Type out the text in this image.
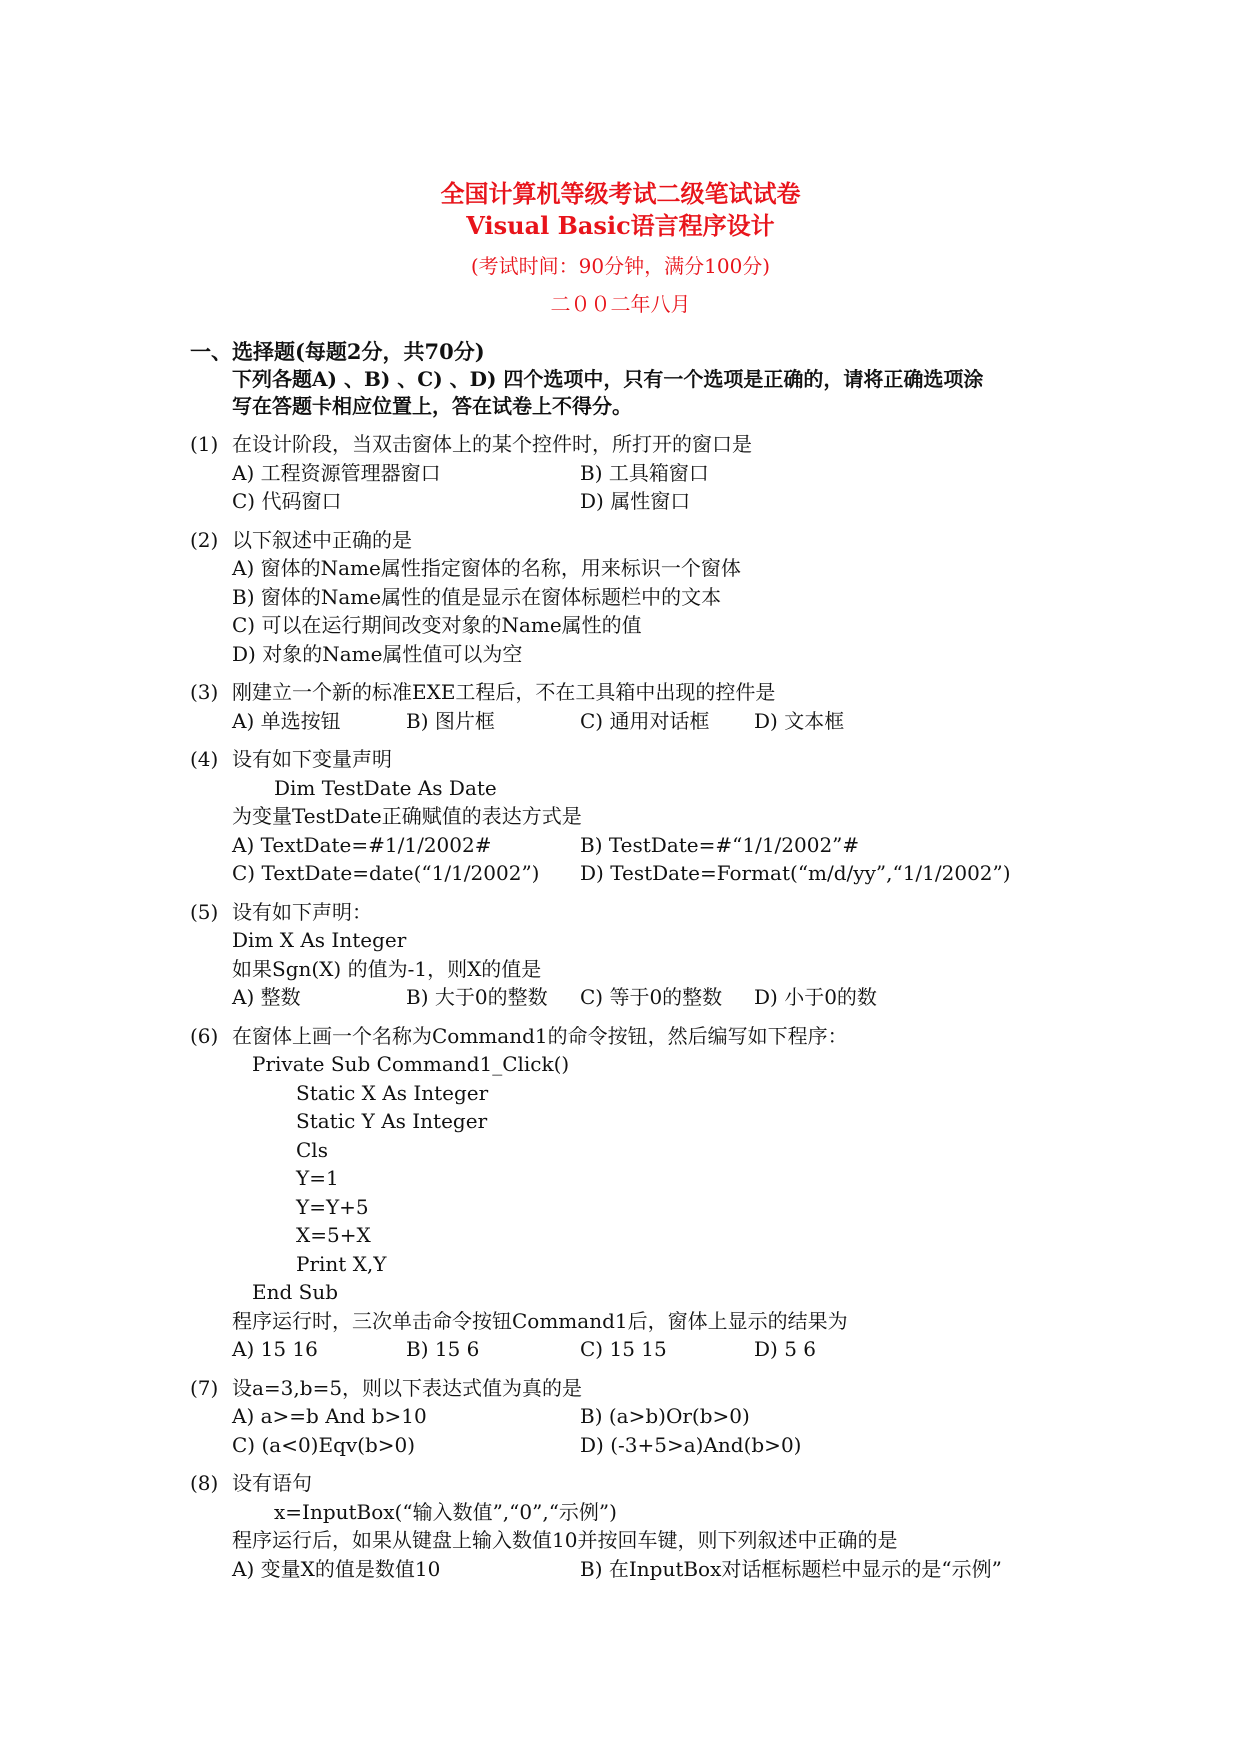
全国计算机等级考试二级笔试试卷
Visual Basic语言程序设计
(考试时间：90分钟，满分100分)
二００二年八月
一、选择题(每题2分，共70分)
下列各题A) 、B) 、C) 、D) 四个选项中，只有一个选项是正确的，请将正确选项涂
写在答题卡相应位置上，答在试卷上不得分。
(1) 在设计阶段，当双击窗体上的某个控件时，所打开的窗口是
A) 工程资源管理器窗口	B) 工具箱窗口
C) 代码窗口	D) 属性窗口
(2) 以下叙述中正确的是
A) 窗体的Name属性指定窗体的名称，用来标识一个窗体
B) 窗体的Name属性的值是显示在窗体标题栏中的文本
C) 可以在运行期间改变对象的Name属性的值
D) 对象的Name属性值可以为空
(3) 刚建立一个新的标准EXE工程后，不在工具箱中出现的控件是
A) 单选按钮	B) 图片框	C) 通用对话框	D) 文本框
(4) 设有如下变量声明
Dim TestDate As Date
为变量TestDate正确赋值的表达方式是
A) TextDate=#1/1/2002#	B) TestDate=#“1/1/2002”#
C) TextDate=date(“1/1/2002”)	D) TestDate=Format(“m/d/yy”,“1/1/2002”)
(5) 设有如下声明：
Dim X As Integer
如果Sgn(X) 的值为-1，则X的值是
A) 整数	B) 大于0的整数	C) 等于0的整数	D) 小于0的数
(6) 在窗体上画一个名称为Command1的命令按钮，然后编写如下程序：
Private Sub Command1_Click()
Static X As Integer
Static Y As Integer
Cls
Y=1
Y=Y+5
X=5+X
Print X,Y
End Sub
程序运行时，三次单击命令按钮Command1后，窗体上显示的结果为
A) 15 16	B) 15 6	C) 15 15	D) 5 6
(7) 设a=3,b=5，则以下表达式值为真的是
A) a>=b And b>10	B) (a>b)Or(b>0)
C) (a<0)Eqv(b>0)	D) (-3+5>a)And(b>0)
(8) 设有语句
x=InputBox(“输入数值”,“0”,“示例”)
程序运行后，如果从键盘上输入数值10并按回车键，则下列叙述中正确的是
A) 变量X的值是数值10	B) 在InputBox对话框标题栏中显示的是“示例”
